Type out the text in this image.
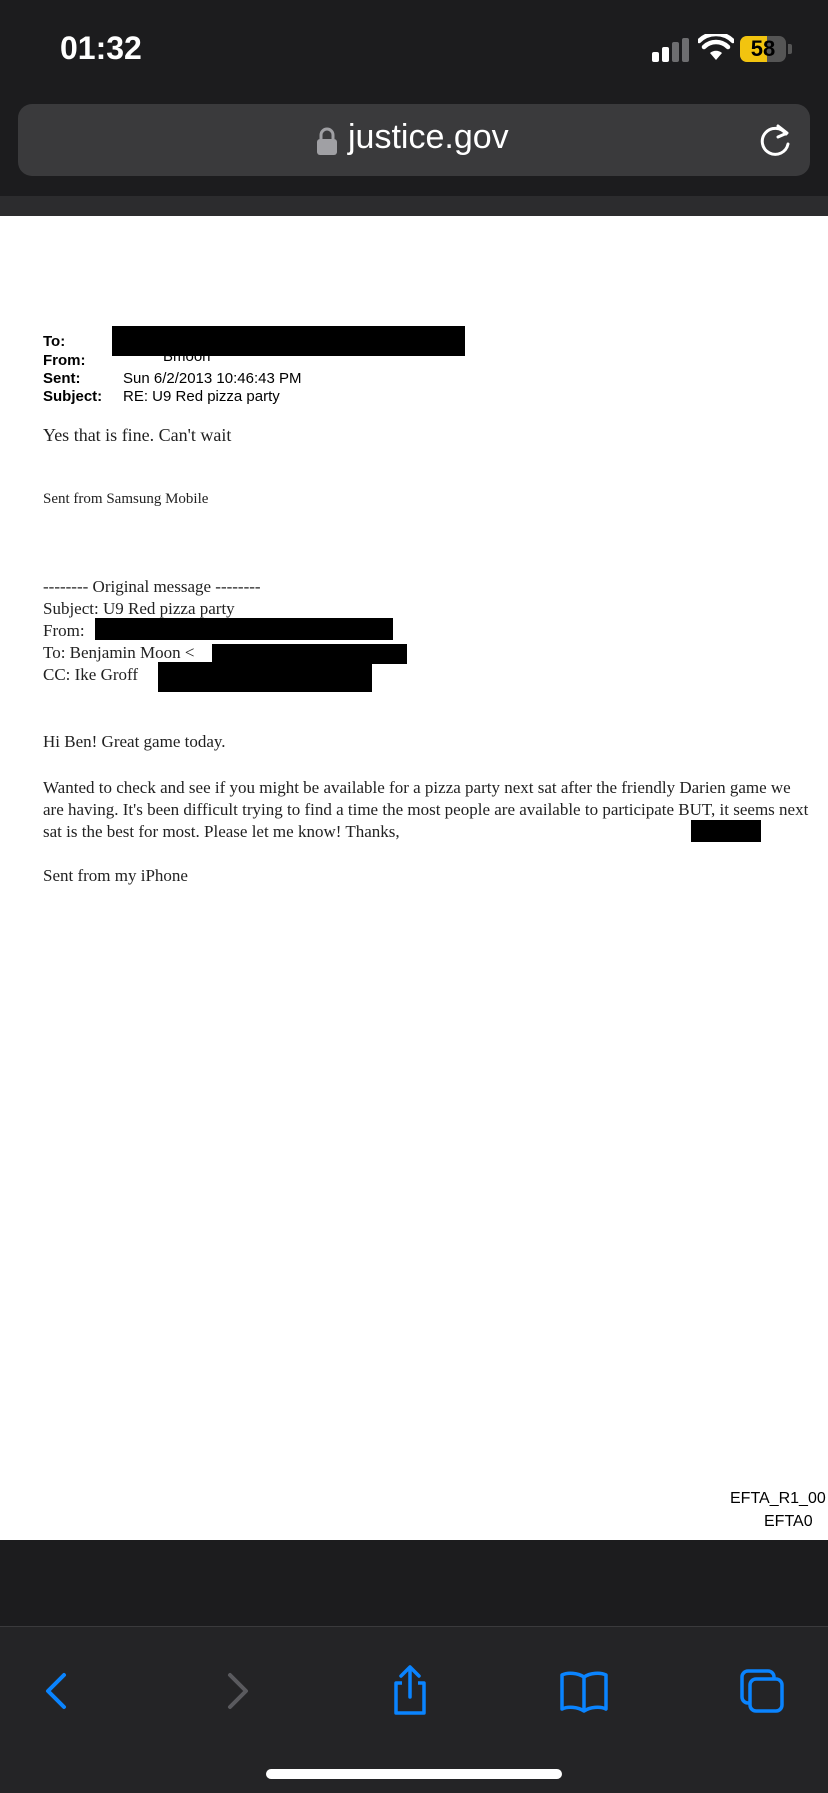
01:32	58
justice.gov
To:
From:	Bmoon
Sent:	Sun 6/2/2013 10:46:43 PM
Subject: RE: U9 Red pizza party
Yes that is fine. Can't wait
Sent from Samsung Mobile
-------- Original message --------
Subject: U9 Red pizza party
From:
To: Benjamin Moon <
CC: Ike Groff
Hi Ben! Great game today.
Wanted to check and see if you might be available for a pizza party next sat after the friendly Darien game we are having. It's been difficult trying to find a time the most people are available to participate BUT, it seems next sat is the best for most. Please let me know! Thanks,
Sent from my iPhone
EFTA_R1_00
EFTA0
